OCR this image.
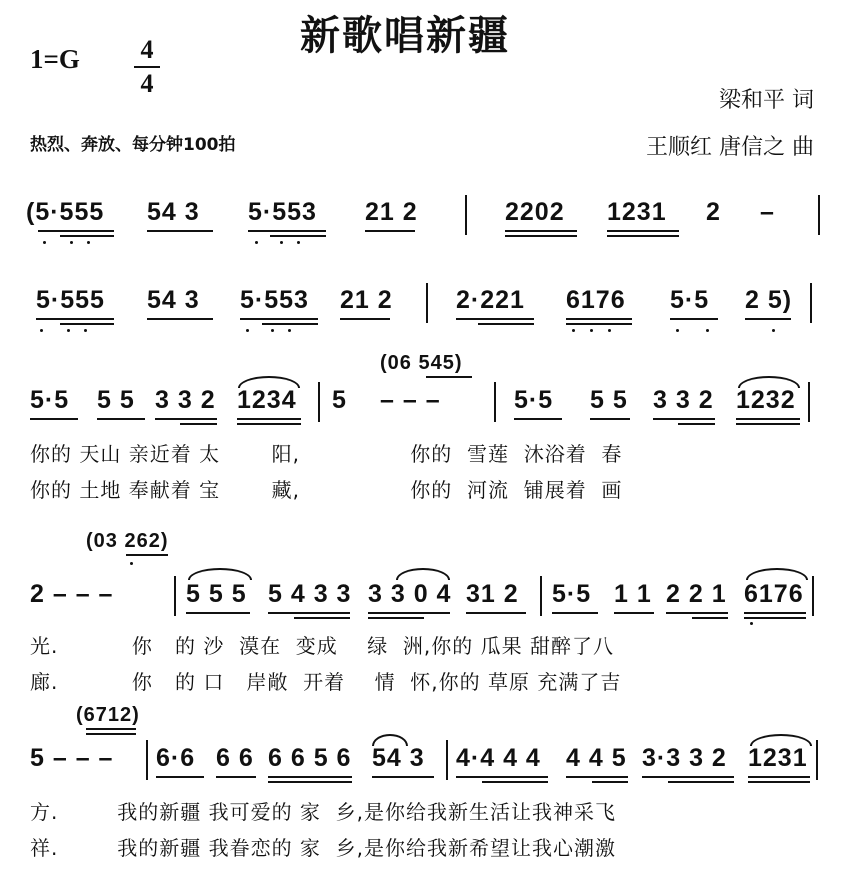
新歌唱新疆
1=G 4
4
热烈、奔放、每分钟100拍
梁和平 词
王顺红 唐信之 曲
(5·555 54 3 5·553 21 2	2202 1231 2 –
5·555 54 3 5·553 21 2	2·221 6176 5·5 2 5)
(06 545)
5·5 5 5 3 3 2 1234 5 – – –	5·5 5 5 3 3 2 1232
你的 天山 亲近着 太       阳,               你的  雪莲  沐浴着  春
你的 土地 奉献着 宝       藏,               你的  河流  铺展着  画
(03 262)
2 – – –	5 5 5 5 4 3 3 3 3 0 4 31 2 5·5 1 1 2 2 1 6176
光.          你   的 沙  漠在  变成    绿  洲,你的 瓜果 甜醉了八
廊.          你   的 口   岸敞  开着    情  怀,你的 草原 充满了吉
(6712)
5 – – – 6·6 6 6 6 6 5 6 54 3 4·4 4 4 4 4 5 3·3 3 2 1231
方.        我的新疆 我可爱的 家  乡,是你给我新生活让我神采飞
祥.        我的新疆 我眷恋的 家  乡,是你给我新希望让我心潮激
